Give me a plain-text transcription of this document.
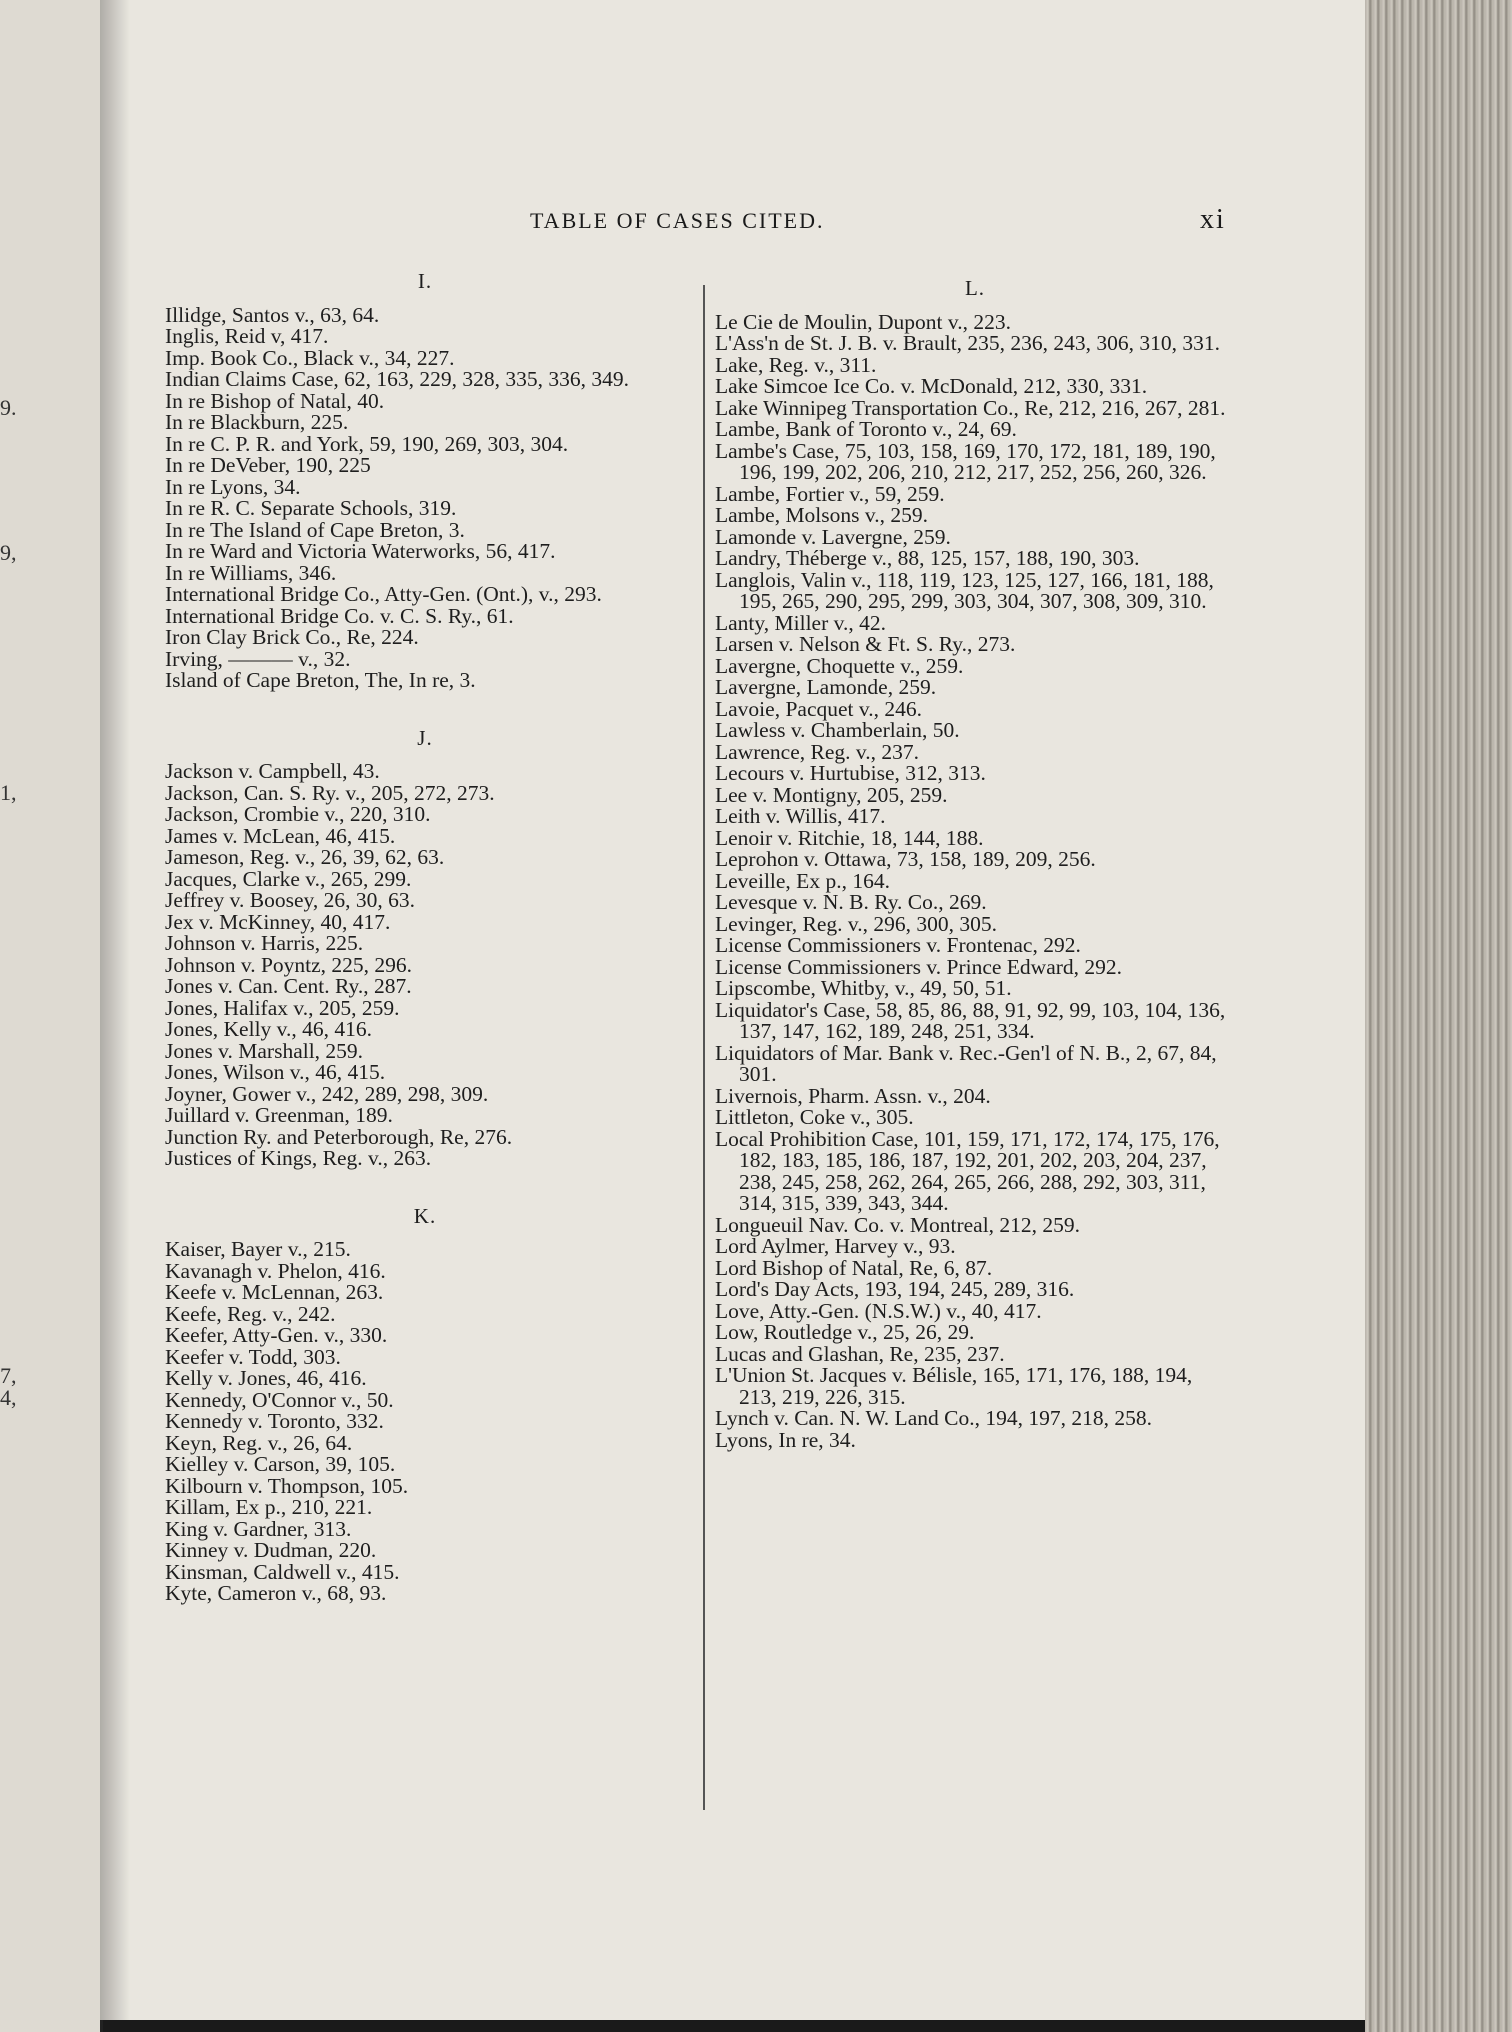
9.
9,
1,
7,
4,
TABLE OF CASES CITED.	xi
I.

Illidge, Santos v., 63, 64.

Inglis, Reid v, 417.

Imp. Book Co., Black v., 34, 227.

Indian Claims Case, 62, 163, 229, 328, 335, 336, 349.

In re Bishop of Natal, 40.

In re Blackburn, 225.

In re C. P. R. and York, 59, 190, 269, 303, 304.

In re DeVeber, 190, 225

In re Lyons, 34.

In re R. C. Separate Schools, 319.

In re The Island of Cape Breton, 3.

In re Ward and Victoria Waterworks, 56, 417.

In re Williams, 346.

International Bridge Co., Atty-Gen. (Ont.), v., 293.

International Bridge Co. v. C. S. Ry., 61.

Iron Clay Brick Co., Re, 224.

Irving, ——— v., 32.

Island of Cape Breton, The, In re, 3.

J.

Jackson v. Campbell, 43.

Jackson, Can. S. Ry. v., 205, 272, 273.

Jackson, Crombie v., 220, 310.

James v. McLean, 46, 415.

Jameson, Reg. v., 26, 39, 62, 63.

Jacques, Clarke v., 265, 299.

Jeffrey v. Boosey, 26, 30, 63.

Jex v. McKinney, 40, 417.

Johnson v. Harris, 225.

Johnson v. Poyntz, 225, 296.

Jones v. Can. Cent. Ry., 287.

Jones, Halifax v., 205, 259.

Jones, Kelly v., 46, 416.

Jones v. Marshall, 259.

Jones, Wilson v., 46, 415.

Joyner, Gower v., 242, 289, 298, 309.

Juillard v. Greenman, 189.

Junction Ry. and Peterborough, Re, 276.

Justices of Kings, Reg. v., 263.

K.

Kaiser, Bayer v., 215.

Kavanagh v. Phelon, 416.

Keefe v. McLennan, 263.

Keefe, Reg. v., 242.

Keefer, Atty-Gen. v., 330.

Keefer v. Todd, 303.

Kelly v. Jones, 46, 416.

Kennedy, O'Connor v., 50.

Kennedy v. Toronto, 332.

Keyn, Reg. v., 26, 64.

Kielley v. Carson, 39, 105.

Kilbourn v. Thompson, 105.

Killam, Ex p., 210, 221.

King v. Gardner, 313.

Kinney v. Dudman, 220.

Kinsman, Caldwell v., 415.

Kyte, Cameron v., 68, 93.

L.

Le Cie de Moulin, Dupont v., 223.

L'Ass'n de St. J. B. v. Brault, 235, 236, 243, 306, 310, 331.

Lake, Reg. v., 311.

Lake Simcoe Ice Co. v. McDonald, 212, 330, 331.

Lake Winnipeg Transportation Co., Re, 212, 216, 267, 281.

Lambe, Bank of Toronto v., 24, 69.

Lambe's Case, 75, 103, 158, 169, 170, 172, 181, 189, 190, 196, 199, 202, 206, 210, 212, 217, 252, 256, 260, 326.

Lambe, Fortier v., 59, 259.

Lambe, Molsons v., 259.

Lamonde v. Lavergne, 259.

Landry, Théberge v., 88, 125, 157, 188, 190, 303.

Langlois, Valin v., 118, 119, 123, 125, 127, 166, 181, 188, 195, 265, 290, 295, 299, 303, 304, 307, 308, 309, 310.

Lanty, Miller v., 42.

Larsen v. Nelson & Ft. S. Ry., 273.

Lavergne, Choquette v., 259.

Lavergne, Lamonde, 259.

Lavoie, Pacquet v., 246.

Lawless v. Chamberlain, 50.

Lawrence, Reg. v., 237.

Lecours v. Hurtubise, 312, 313.

Lee v. Montigny, 205, 259.

Leith v. Willis, 417.

Lenoir v. Ritchie, 18, 144, 188.

Leprohon v. Ottawa, 73, 158, 189, 209, 256.

Leveille, Ex p., 164.

Levesque v. N. B. Ry. Co., 269.

Levinger, Reg. v., 296, 300, 305.

License Commissioners v. Frontenac, 292.

License Commissioners v. Prince Edward, 292.

Lipscombe, Whitby, v., 49, 50, 51.

Liquidator's Case, 58, 85, 86, 88, 91, 92, 99, 103, 104, 136, 137, 147, 162, 189, 248, 251, 334.

Liquidators of Mar. Bank v. Rec.-Gen'l of N. B., 2, 67, 84, 301.

Livernois, Pharm. Assn. v., 204.

Littleton, Coke v., 305.

Local Prohibition Case, 101, 159, 171, 172, 174, 175, 176, 182, 183, 185, 186, 187, 192, 201, 202, 203, 204, 237, 238, 245, 258, 262, 264, 265, 266, 288, 292, 303, 311, 314, 315, 339, 343, 344.

Longueuil Nav. Co. v. Montreal, 212, 259.

Lord Aylmer, Harvey v., 93.

Lord Bishop of Natal, Re, 6, 87.

Lord's Day Acts, 193, 194, 245, 289, 316.

Love, Atty.-Gen. (N.S.W.) v., 40, 417.

Low, Routledge v., 25, 26, 29.

Lucas and Glashan, Re, 235, 237.

L'Union St. Jacques v. Bélisle, 165, 171, 176, 188, 194, 213, 219, 226, 315.

Lynch v. Can. N. W. Land Co., 194, 197, 218, 258.

Lyons, In re, 34.
